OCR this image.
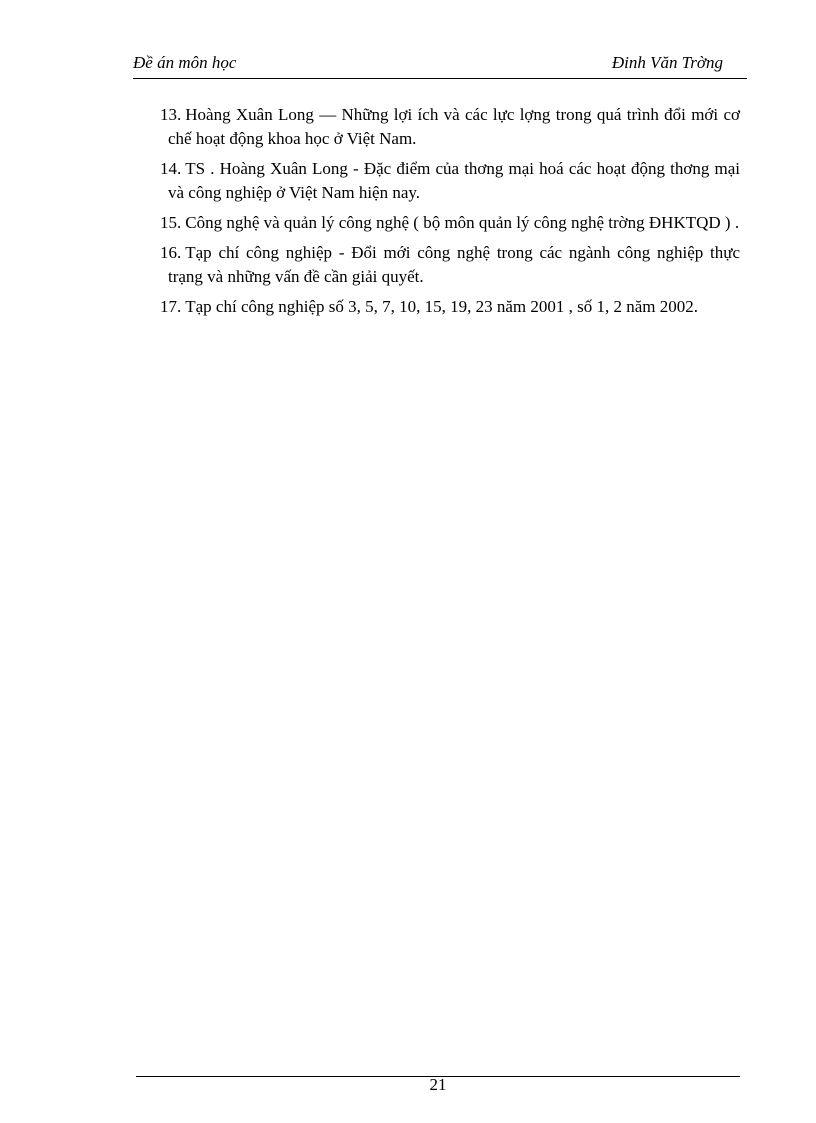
Đề án môn học	Đinh Văn Trờng
13. Hoàng Xuân Long — Những lợi ích và các lực lợng trong quá trình đổi mới cơ chế hoạt động khoa học ở Việt Nam.
14. TS . Hoàng Xuân Long - Đặc điểm của thơng mại hoá các hoạt động thơng mại và công nghiệp ở Việt Nam hiện nay.
15. Công nghệ và quản lý công nghệ ( bộ môn quản lý công nghệ trờng ĐHKTQD ) .
16. Tạp chí công nghiệp - Đổi mới công nghệ trong các ngành công nghiệp thực trạng và những vấn đề cần giải quyết.
17. Tạp chí công nghiệp số 3, 5, 7, 10, 15, 19, 23 năm 2001 , số 1, 2 năm 2002.
21
